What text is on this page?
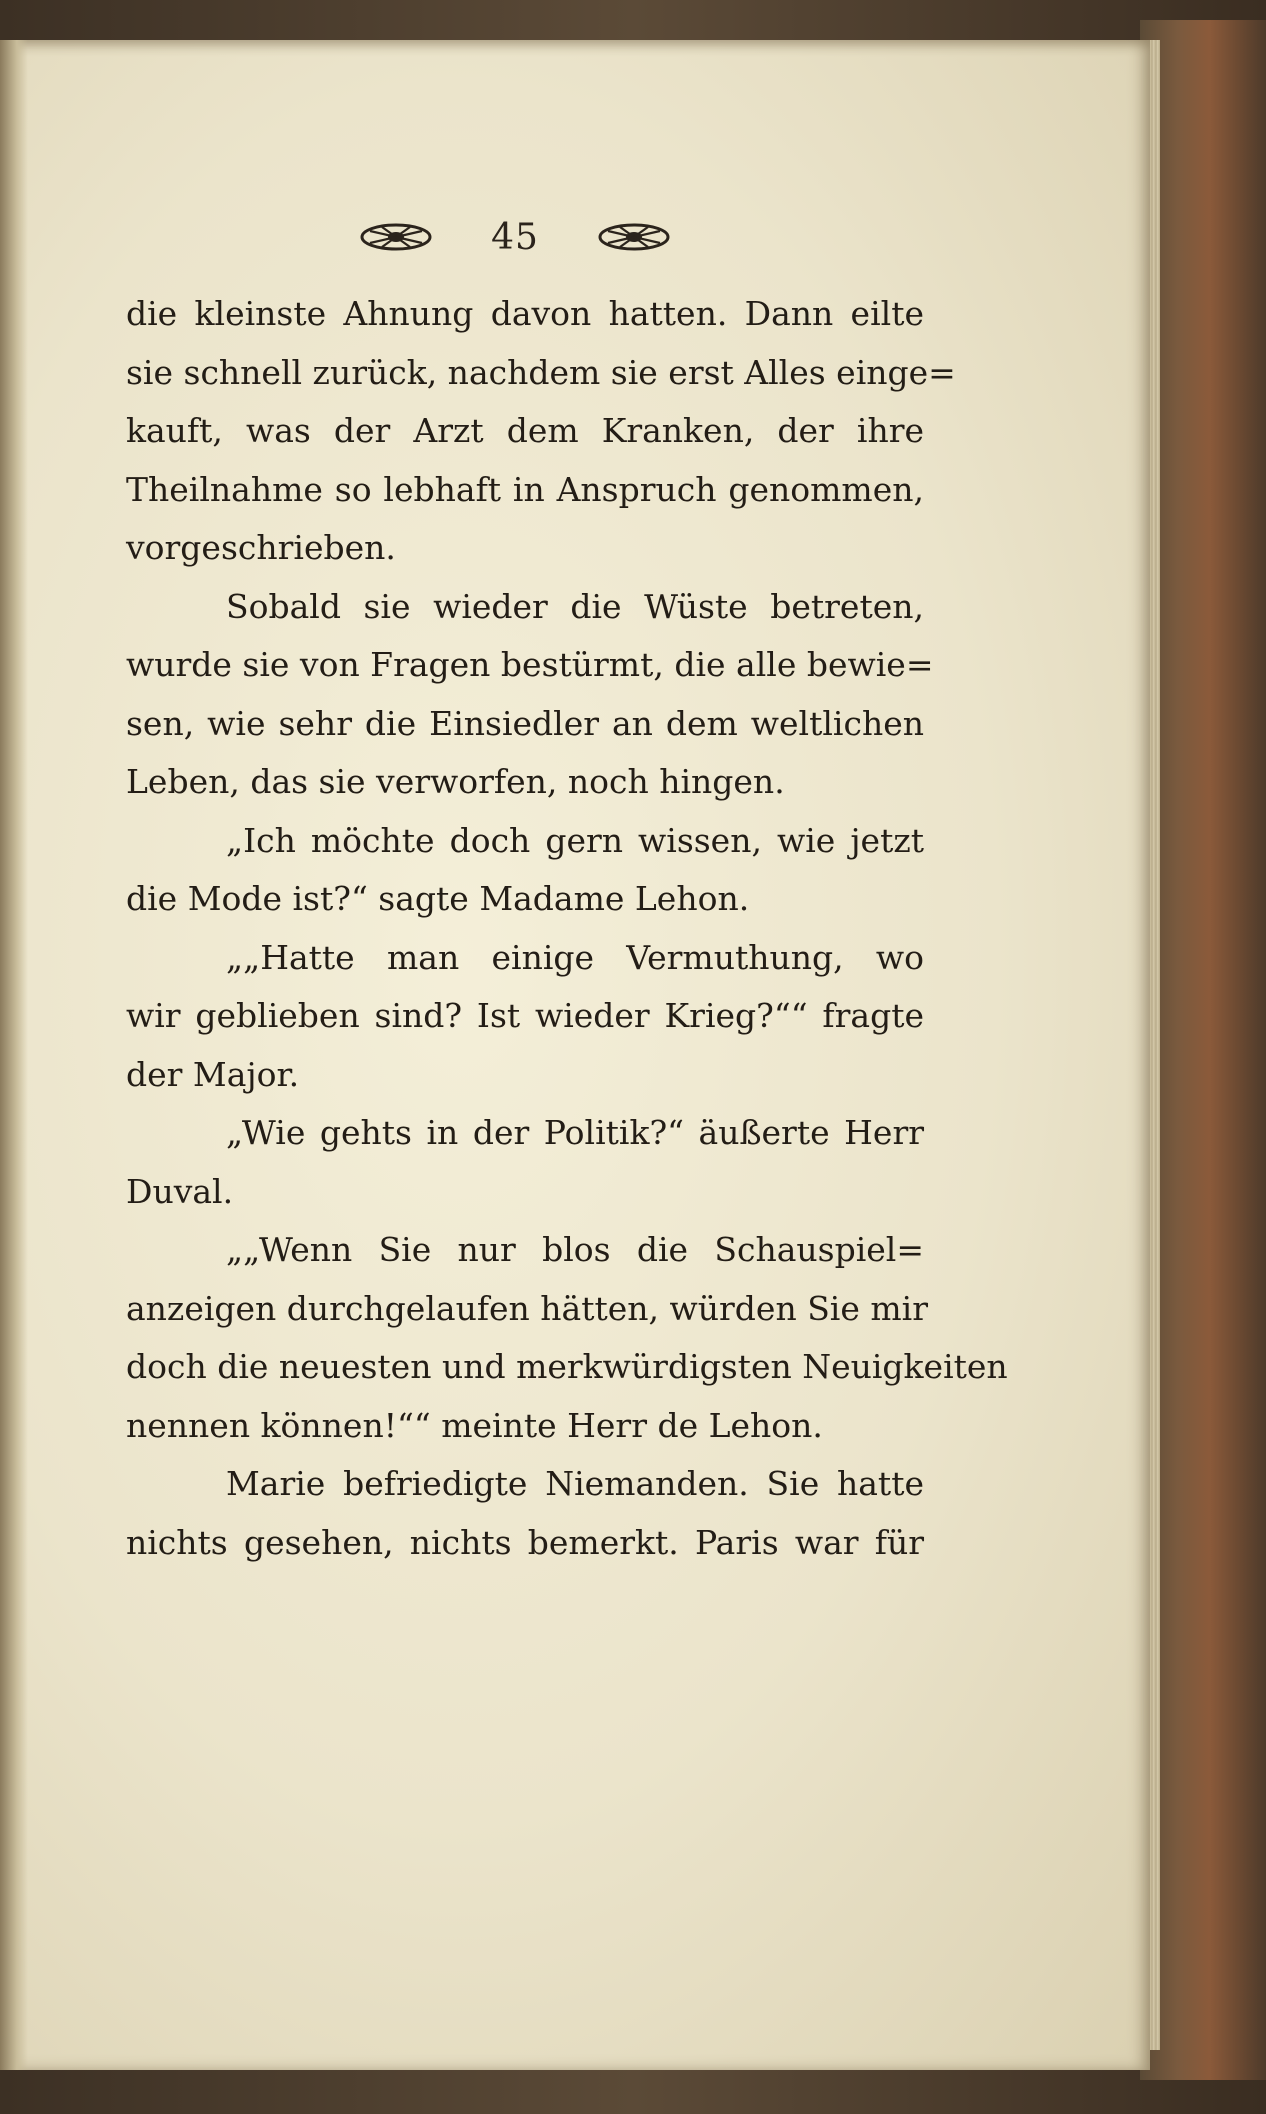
45
die kleinste Ahnung davon hatten. Dann eilte
sie schnell zurück, nachdem sie erst Alles einge=
kauft, was der Arzt dem Kranken, der ihre
Theilnahme so lebhaft in Anspruch genommen,
vorgeschrieben.
Sobald sie wieder die Wüste betreten,
wurde sie von Fragen bestürmt, die alle bewie=
sen, wie sehr die Einsiedler an dem weltlichen
Leben, das sie verworfen, noch hingen.
„Ich möchte doch gern wissen, wie jetzt
die Mode ist?“ sagte Madame Lehon.
„„Hatte man einige Vermuthung, wo
wir geblieben sind? Ist wieder Krieg?““ fragte
der Major.
„Wie gehts in der Politik?“ äußerte Herr
Duval.
„„Wenn Sie nur blos die Schauspiel=
anzeigen durchgelaufen hätten, würden Sie mir
doch die neuesten und merkwürdigsten Neuigkeiten
nennen können!““ meinte Herr de Lehon.
Marie befriedigte Niemanden. Sie hatte
nichts gesehen, nichts bemerkt. Paris war für
